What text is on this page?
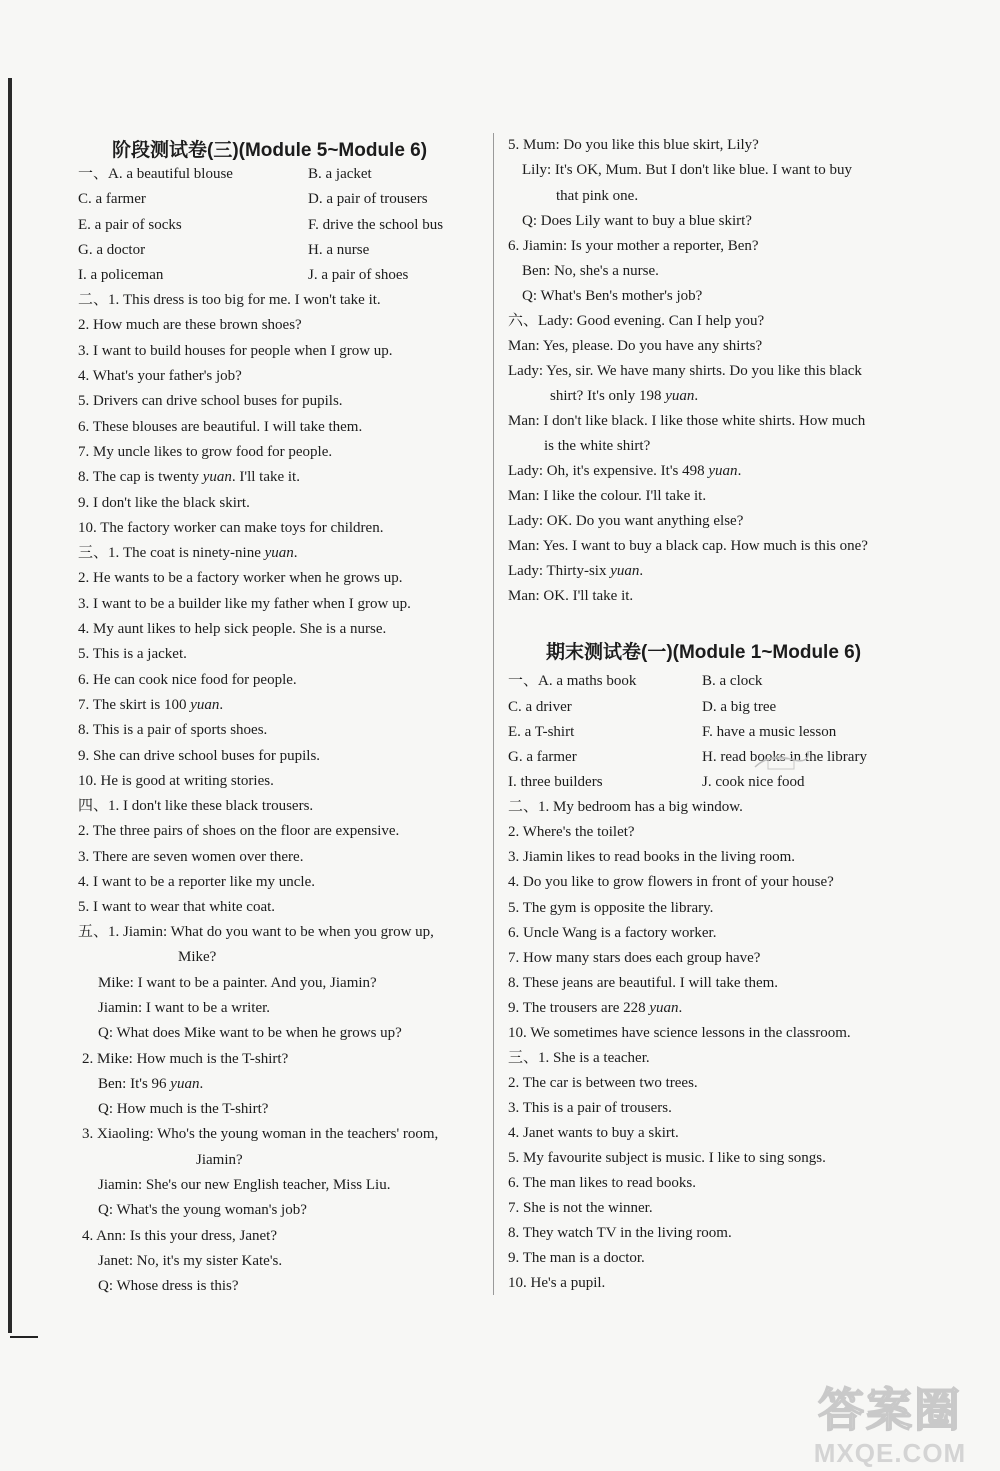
阶段测试卷(三)(Module 5~Module 6)
一、A. a beautiful blouse	B. a jacket
C. a farmer	D. a pair of trousers
E. a pair of socks	F. drive the school bus
G. a doctor	H. a nurse
I. a policeman	J. a pair of shoes
二、1. This dress is too big for me. I won't take it.
2. How much are these brown shoes?
3. I want to build houses for people when I grow up.
4. What's your father's job?
5. Drivers can drive school buses for pupils.
6. These blouses are beautiful. I will take them.
7. My uncle likes to grow food for people.
8. The cap is twenty yuan. I'll take it.
9. I don't like the black skirt.
10. The factory worker can make toys for children.
三、1. The coat is ninety-nine yuan.
2. He wants to be a factory worker when he grows up.
3. I want to be a builder like my father when I grow up.
4. My aunt likes to help sick people. She is a nurse.
5. This is a jacket.
6. He can cook nice food for people.
7. The skirt is 100 yuan.
8. This is a pair of sports shoes.
9. She can drive school buses for pupils.
10. He is good at writing stories.
四、1. I don't like these black trousers.
2. The three pairs of shoes on the floor are expensive.
3. There are seven women over there.
4. I want to be a reporter like my uncle.
5. I want to wear that white coat.
五、1. Jiamin: What do you want to be when you grow up,
Mike?
Mike: I want to be a painter. And you, Jiamin?
Jiamin: I want to be a writer.
Q: What does Mike want to be when he grows up?
2. Mike: How much is the T-shirt?
Ben: It's 96 yuan.
Q: How much is the T-shirt?
3. Xiaoling: Who's the young woman in the teachers' room,
Jiamin?
Jiamin: She's our new English teacher, Miss Liu.
Q: What's the young woman's job?
4. Ann: Is this your dress, Janet?
Janet: No, it's my sister Kate's.
Q: Whose dress is this?
5. Mum: Do you like this blue skirt, Lily?
Lily: It's OK, Mum. But I don't like blue. I want to buy
that pink one.
Q: Does Lily want to buy a blue skirt?
6. Jiamin: Is your mother a reporter, Ben?
Ben: No, she's a nurse.
Q: What's Ben's mother's job?
六、Lady: Good evening. Can I help you?
Man: Yes, please. Do you have any shirts?
Lady: Yes, sir. We have many shirts. Do you like this black
shirt? It's only 198 yuan.
Man: I don't like black. I like those white shirts. How much
is the white shirt?
Lady: Oh, it's expensive. It's 498 yuan.
Man: I like the colour. I'll take it.
Lady: OK. Do you want anything else?
Man: Yes. I want to buy a black cap. How much is this one?
Lady: Thirty-six yuan.
Man: OK. I'll take it.
期末测试卷(一)(Module 1~Module 6)
一、A. a maths book	B. a clock
C. a driver	D. a big tree
E. a T-shirt	F. have a music lesson
G. a farmer	H. read books in the library
I. three builders	J. cook nice food
二、1. My bedroom has a big window.
2. Where's the toilet?
3. Jiamin likes to read books in the living room.
4. Do you like to grow flowers in front of your house?
5. The gym is opposite the library.
6. Uncle Wang is a factory worker.
7. How many stars does each group have?
8. These jeans are beautiful. I will take them.
9. The trousers are 228 yuan.
10. We sometimes have science lessons in the classroom.
三、1. She is a teacher.
2. The car is between two trees.
3. This is a pair of trousers.
4. Janet wants to buy a skirt.
5. My favourite subject is music. I like to sing songs.
6. The man likes to read books.
7. She is not the winner.
8. They watch TV in the living room.
9. The man is a doctor.
10. He's a pupil.
答案圈
MXQE.COM
